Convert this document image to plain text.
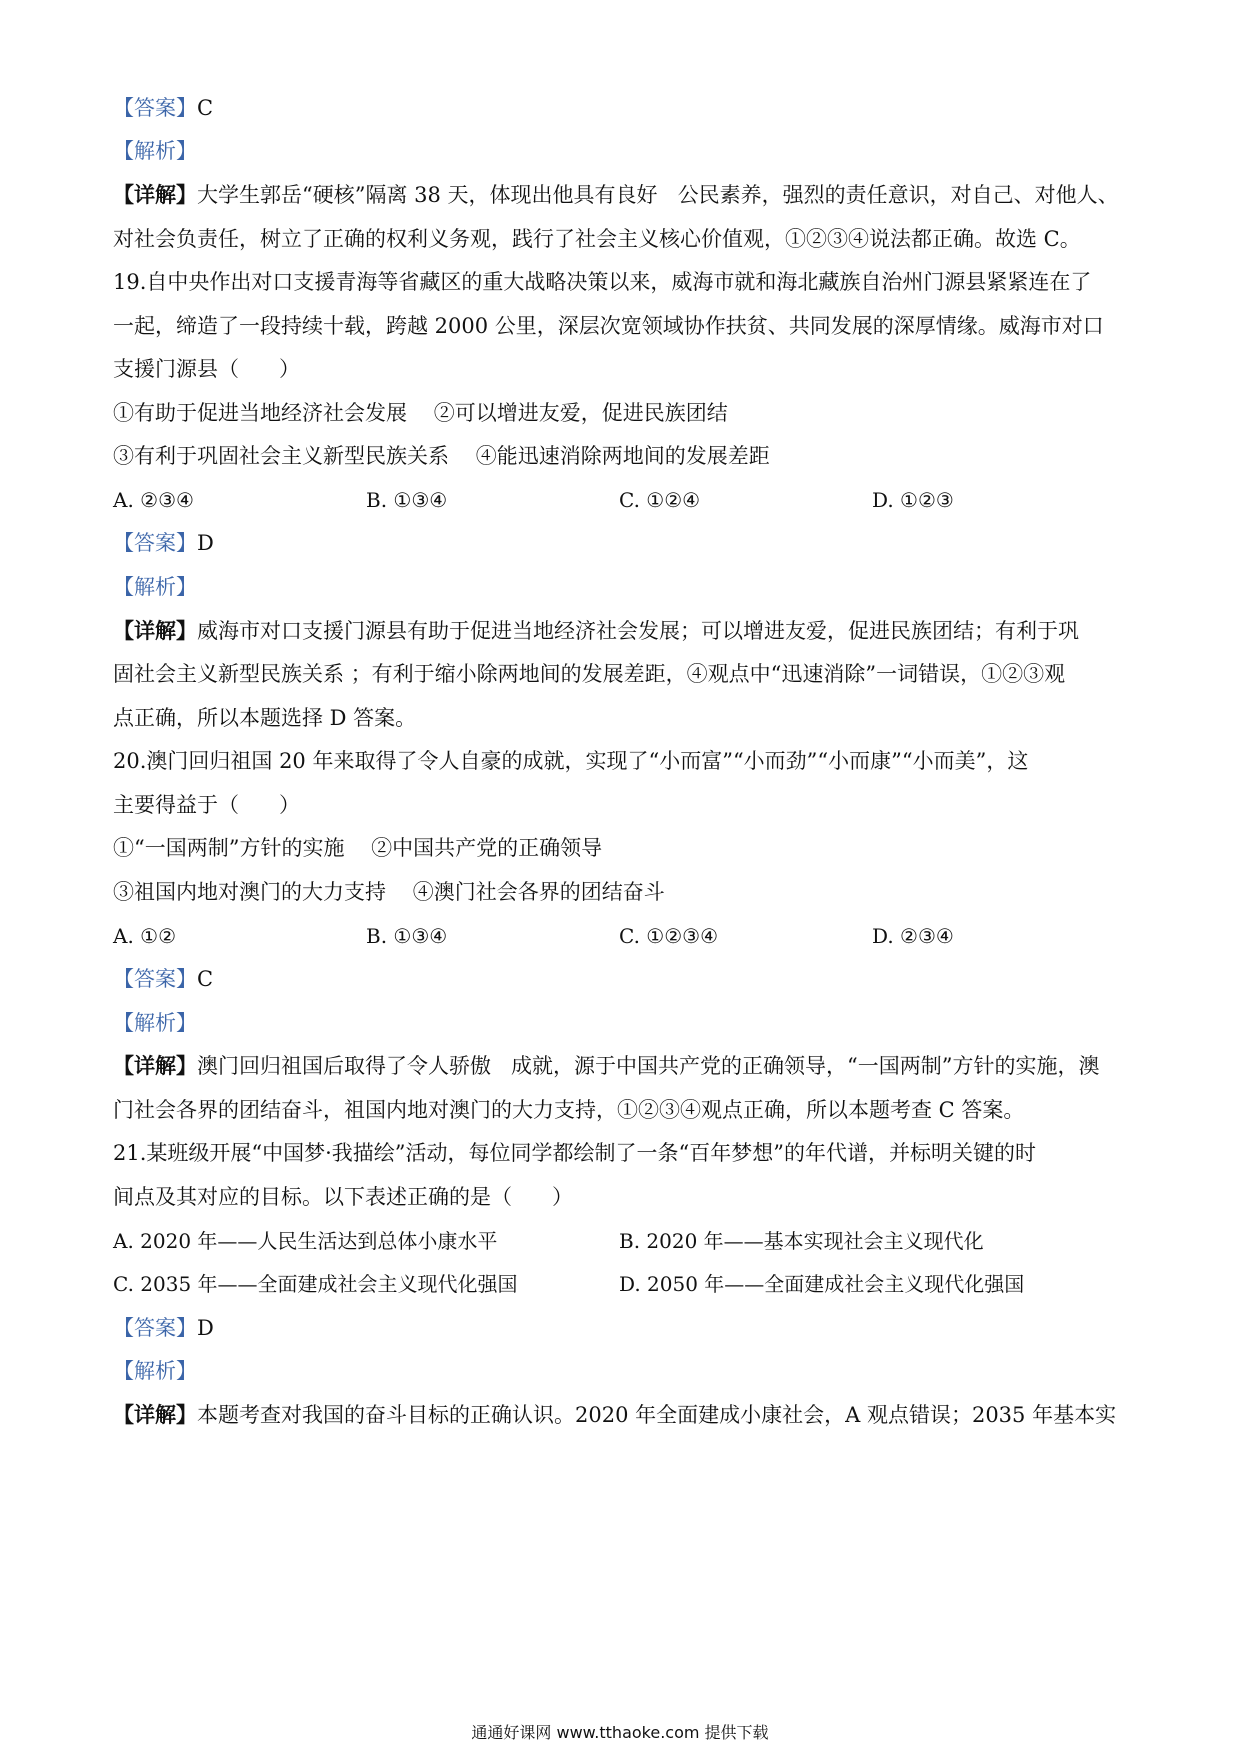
【答案】C
【解析】
【详解】大学生郭岳“硬核”隔离 38 天，体现出他具有良好   公民素养，强烈的责任意识，对自己、对他人、
对社会负责任，树立了正确的权利义务观，践行了社会主义核心价值观，①②③④说法都正确。故选 C。
19.自中央作出对口支援青海等省藏区的重大战略决策以来，威海市就和海北藏族自治州门源县紧紧连在了
一起，缔造了一段持续十载，跨越 2000 公里，深层次宽领域协作扶贫、共同发展的深厚情缘。威海市对口
支援门源县（      ）
①有助于促进当地经济社会发展    ②可以增进友爱，促进民族团结
③有利于巩固社会主义新型民族关系    ④能迅速消除两地间的发展差距
A. ②③④	B. ①③④	C. ①②④	D. ①②③
【答案】D
【解析】
【详解】威海市对口支援门源县有助于促进当地经济社会发展；可以增进友爱，促进民族团结；有利于巩
固社会主义新型民族关系 ；有利于缩小除两地间的发展差距，④观点中“迅速消除”一词错误，①②③观
点正确，所以本题选择 D 答案。
20.澳门回归祖国 20 年来取得了令人自豪的成就，实现了“小而富”“小而劲”“小而康”“小而美”，这
主要得益于（      ）
①“一国两制”方针的实施    ②中国共产党的正确领导
③祖国内地对澳门的大力支持    ④澳门社会各界的团结奋斗
A. ①②	B. ①③④	C. ①②③④	D. ②③④
【答案】C
【解析】
【详解】澳门回归祖国后取得了令人骄傲   成就，源于中国共产党的正确领导，“一国两制”方针的实施，澳
门社会各界的团结奋斗，祖国内地对澳门的大力支持，①②③④观点正确，所以本题考查 C 答案。
21.某班级开展“中国梦·我描绘”活动，每位同学都绘制了一条“百年梦想”的年代谱，并标明关键的时
间点及其对应的目标。以下表述正确的是（      ）
A. 2020 年——人民生活达到总体小康水平	B. 2020 年——基本实现社会主义现代化
C. 2035 年——全面建成社会主义现代化强国	D. 2050 年——全面建成社会主义现代化强国
【答案】D
【解析】
【详解】本题考查对我国的奋斗目标的正确认识。2020 年全面建成小康社会，A 观点错误；2035 年基本实
通通好课网 www.tthaoke.com 提供下载
